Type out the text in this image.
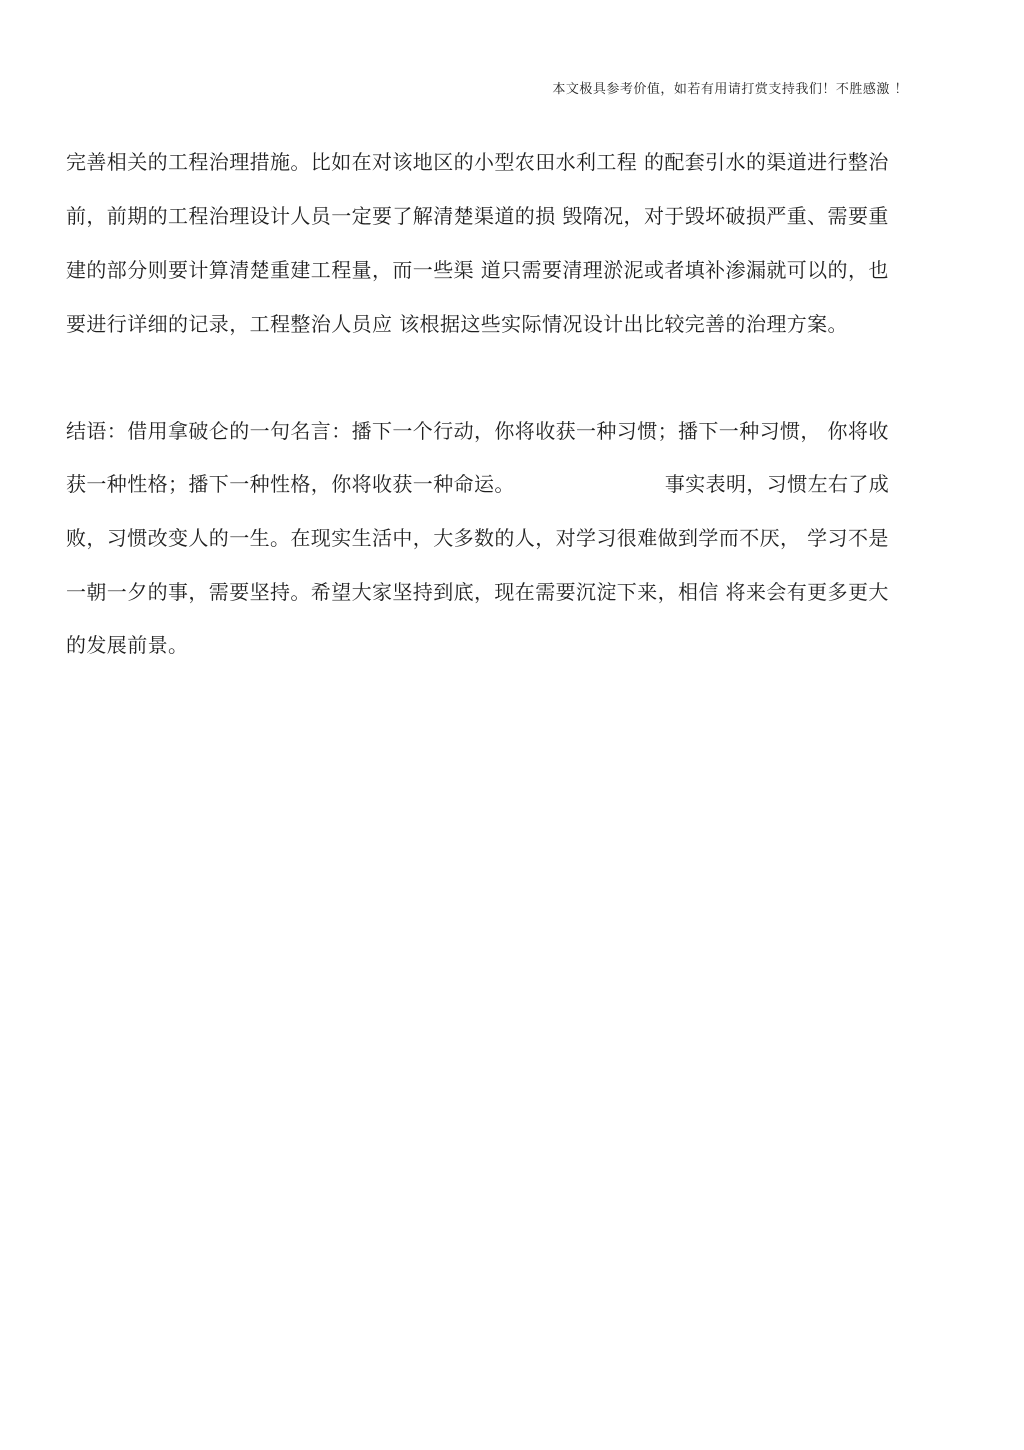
本文极具参考价值，如若有用请打赏支持我们！不胜感激 ！
完善相关的工程治理措施。比如在对该地区的小型农田水利工程 的配套引水的渠道进行整治
前，前期的工程治理设计人员一定要了解清楚渠道的损 毁隋况，对于毁坏破损严重、需要重
建的部分则要计算清楚重建工程量，而一些渠 道只需要清理淤泥或者填补渗漏就可以的，也
要进行详细的记录，工程整治人员应 该根据这些实际情况设计出比较完善的治理方案。
结语：借用拿破仑的一句名言：播下一个行动，你将收获一种习惯；播下一种习惯， 你将收
获一种性格；播下一种性格，你将收获一种命运。	事实表明，习惯左右了成
败，习惯改变人的一生。在现实生活中，大多数的人，对学习很难做到学而不厌， 学习不是
一朝一夕的事，需要坚持。希望大家坚持到底，现在需要沉淀下来，相信 将来会有更多更大
的发展前景。
